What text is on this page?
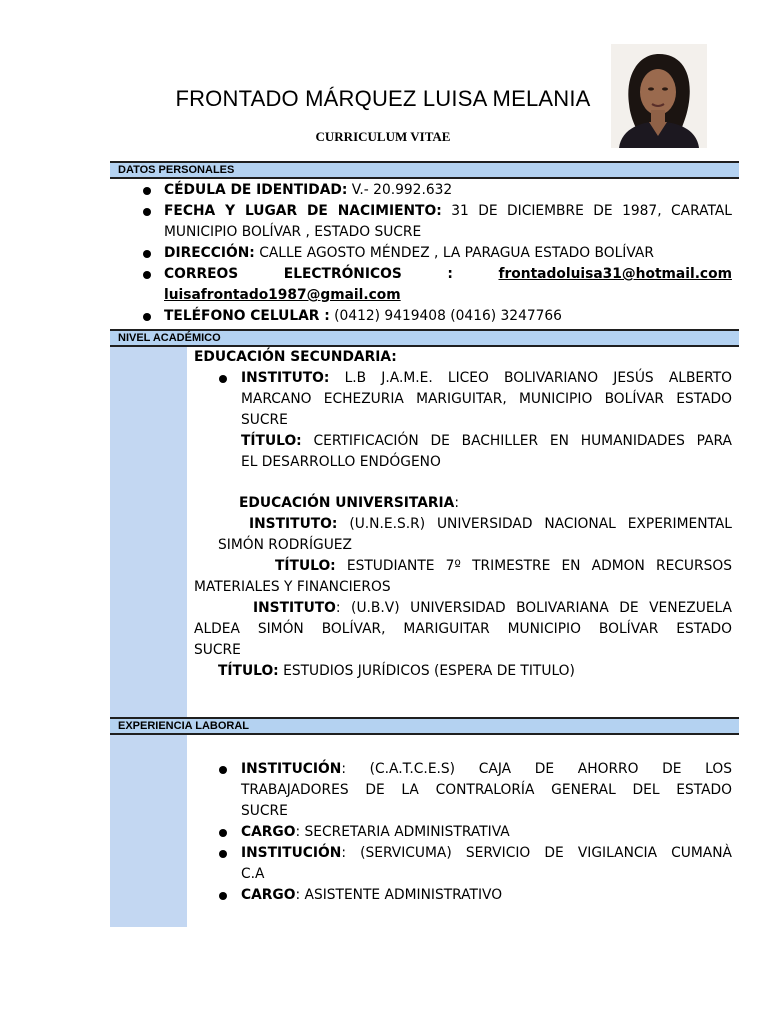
FRONTADO MÁRQUEZ LUISA MELANIA
CURRICULUM VITAE
DATOS PERSONALES
CÉDULA DE IDENTIDAD: V.- 20.992.632
FECHA Y LUGAR DE NACIMIENTO: 31 DE DICIEMBRE DE 1987, CARATAL
MUNICIPIO BOLÍVAR , ESTADO SUCRE
DIRECCIÓN: CALLE AGOSTO MÉNDEZ , LA PARAGUA ESTADO BOLÍVAR
CORREOS	ELECTRÓNICOS	:	frontadoluisa31@hotmail.com
luisafrontado1987@gmail.com
TELÉFONO CELULAR : (0412) 9419408 (0416) 3247766
NIVEL ACADÉMICO
EDUCACIÓN SECUNDARIA:
INSTITUTO: L.B J.A.M.E. LICEO BOLIVARIANO JESÚS ALBERTO
MARCANO ECHEZURIA MARIGUITAR, MUNICIPIO BOLÍVAR ESTADO
SUCRE
TÍTULO: CERTIFICACIÓN DE BACHILLER EN HUMANIDADES PARA
EL DESARROLLO ENDÓGENO
EDUCACIÓN UNIVERSITARIA:
INSTITUTO: (U.N.E.S.R) UNIVERSIDAD NACIONAL EXPERIMENTAL
SIMÓN RODRÍGUEZ
TÍTULO: ESTUDIANTE 7º TRIMESTRE EN ADMON RECURSOS
MATERIALES Y FINANCIEROS
INSTITUTO: (U.B.V) UNIVERSIDAD BOLIVARIANA DE VENEZUELA
ALDEA SIMÓN BOLÍVAR, MARIGUITAR MUNICIPIO BOLÍVAR ESTADO
SUCRE
TÍTULO: ESTUDIOS JURÍDICOS (ESPERA DE TITULO)
EXPERIENCIA LABORAL
INSTITUCIÓN: (C.A.T.C.E.S) CAJA DE AHORRO DE LOS
TRABAJADORES DE LA CONTRALORÍA GENERAL DEL ESTADO
SUCRE
CARGO: SECRETARIA ADMINISTRATIVA
INSTITUCIÓN: (SERVICUMA) SERVICIO DE VIGILANCIA CUMANÀ
C.A
CARGO: ASISTENTE ADMINISTRATIVO
